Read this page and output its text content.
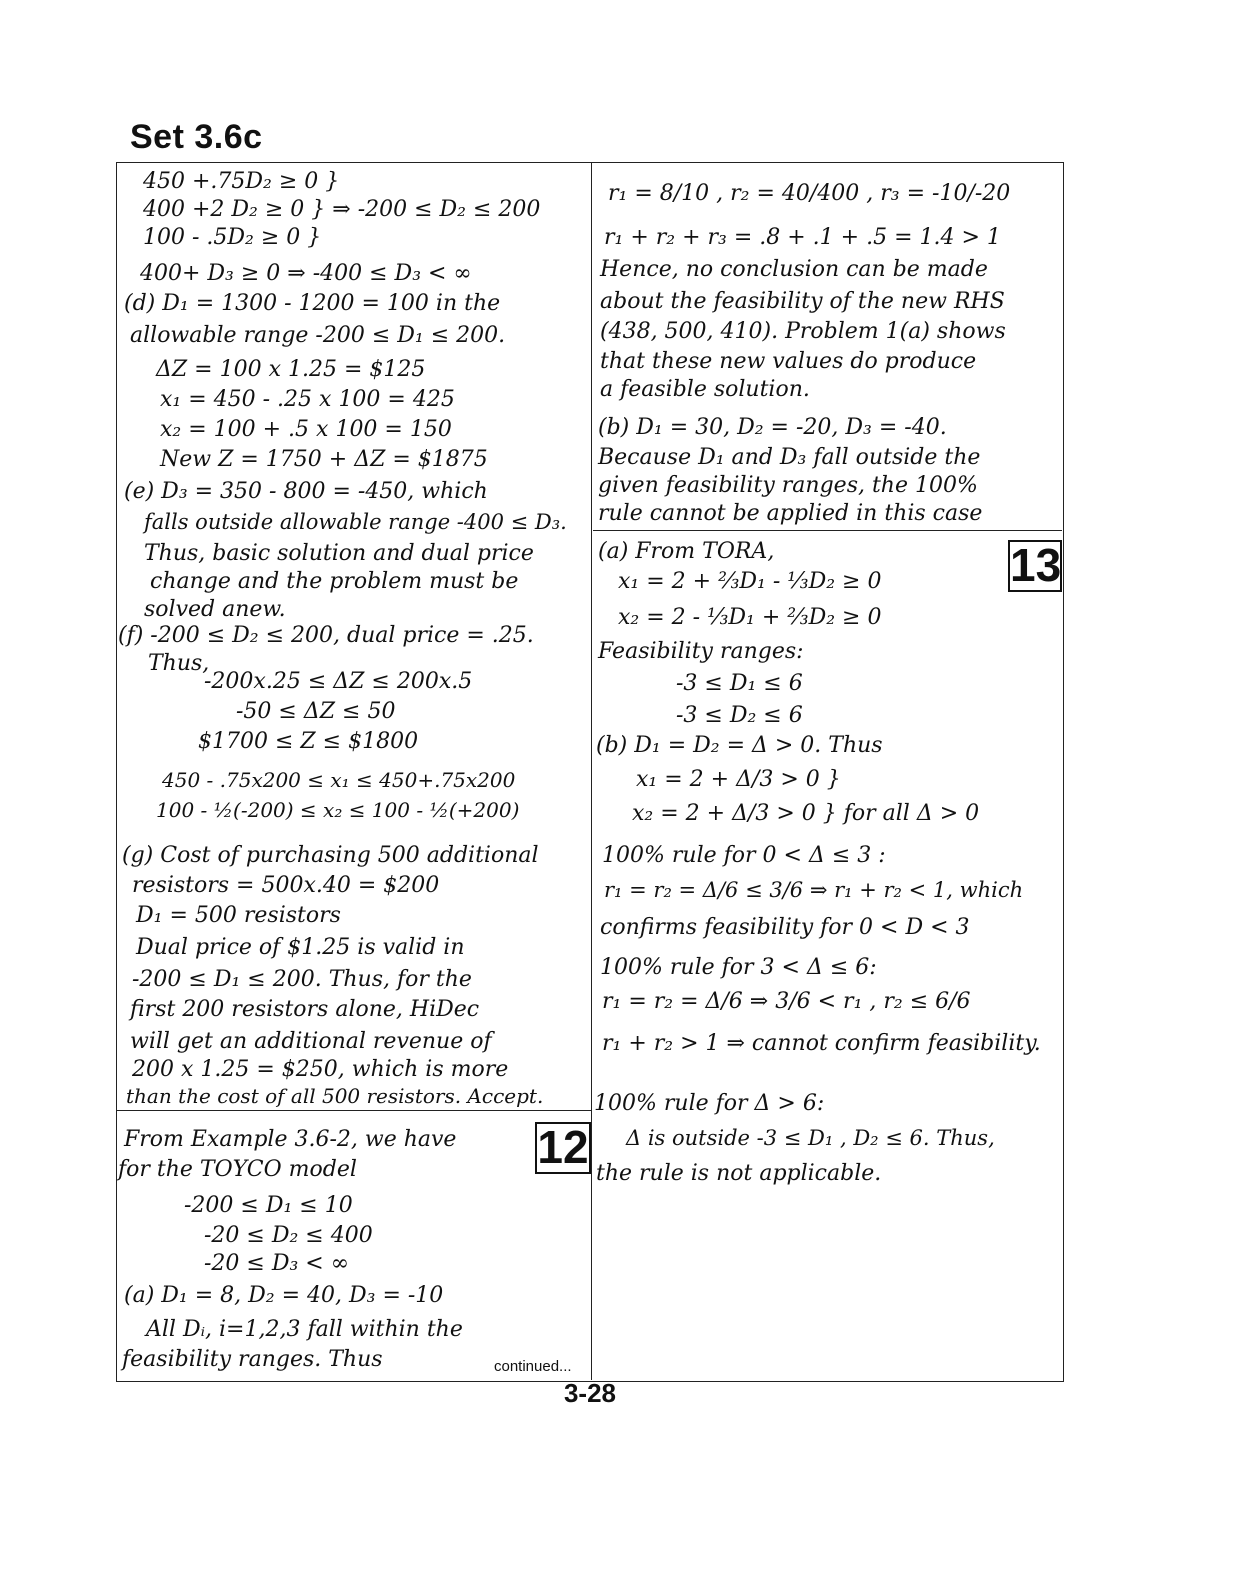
Set 3.6c
12
13
450 +.75D₂ ≥ 0 }
400 +2 D₂ ≥ 0 } ⇒ -200 ≤ D₂ ≤ 200
100 - .5D₂ ≥ 0 }
400+ D₃ ≥ 0 ⇒ -400 ≤ D₃ < ∞
(d) D₁ = 1300 - 1200 = 100 in the
allowable range -200 ≤ D₁ ≤ 200.
ΔZ = 100 x 1.25 = $125
x₁ = 450 - .25 x 100 = 425
x₂ = 100 + .5 x 100 = 150
New Z = 1750 + ΔZ = $1875
(e) D₃ = 350 - 800 = -450, which
falls outside allowable range -400 ≤ D₃.
Thus, basic solution and dual price
change and the problem must be
solved anew.
(f) -200 ≤ D₂ ≤ 200, dual price = .25.
Thus,
-200x.25 ≤ ΔZ ≤ 200x.5
-50 ≤ ΔZ ≤ 50
$1700 ≤ Z ≤ $1800
450 - .75x200 ≤ x₁ ≤ 450+.75x200
100 - ½(-200) ≤ x₂ ≤ 100 - ½(+200)
(g) Cost of purchasing 500 additional
resistors = 500x.40 = $200
D₁ = 500 resistors
Dual price of $1.25 is valid in
-200 ≤ D₁ ≤ 200. Thus, for the
first 200 resistors alone, HiDec
will get an additional revenue of
200 x 1.25 = $250, which is more
than the cost of all 500 resistors. Accept.
From Example 3.6-2, we have
for the TOYCO model
-200 ≤ D₁ ≤ 10
-20 ≤ D₂ ≤ 400
-20 ≤ D₃ < ∞
(a) D₁ = 8, D₂ = 40, D₃ = -10
All Dᵢ, i=1,2,3 fall within the
feasibility ranges. Thus	continued...
r₁ = 8/10 , r₂ = 40/400 , r₃ = -10/-20
r₁ + r₂ + r₃ = .8 + .1 + .5 = 1.4 > 1
Hence, no conclusion can be made
about the feasibility of the new RHS
(438, 500, 410). Problem 1(a) shows
that these new values do produce
a feasible solution.
(b) D₁ = 30, D₂ = -20, D₃ = -40.
Because D₁ and D₃ fall outside the
given feasibility ranges, the 100%
rule cannot be applied in this case
(a) From TORA,
x₁ = 2 + ⅔D₁ - ⅓D₂ ≥ 0
x₂ = 2 - ⅓D₁ + ⅔D₂ ≥ 0
Feasibility ranges:
-3 ≤ D₁ ≤ 6
-3 ≤ D₂ ≤ 6
(b) D₁ = D₂ = Δ > 0. Thus
x₁ = 2 + Δ/3 > 0 }
x₂ = 2 + Δ/3 > 0 } for all Δ > 0
100% rule for 0 < Δ ≤ 3 :
r₁ = r₂ = Δ/6 ≤ 3/6 ⇒ r₁ + r₂ < 1, which
confirms feasibility for 0 < D < 3
100% rule for 3 < Δ ≤ 6:
r₁ = r₂ = Δ/6 ⇒ 3/6 < r₁ , r₂ ≤ 6/6
r₁ + r₂ > 1 ⇒ cannot confirm feasibility.
100% rule for Δ > 6:
Δ is outside -3 ≤ D₁ , D₂ ≤ 6. Thus,
the rule is not applicable.
3-28
